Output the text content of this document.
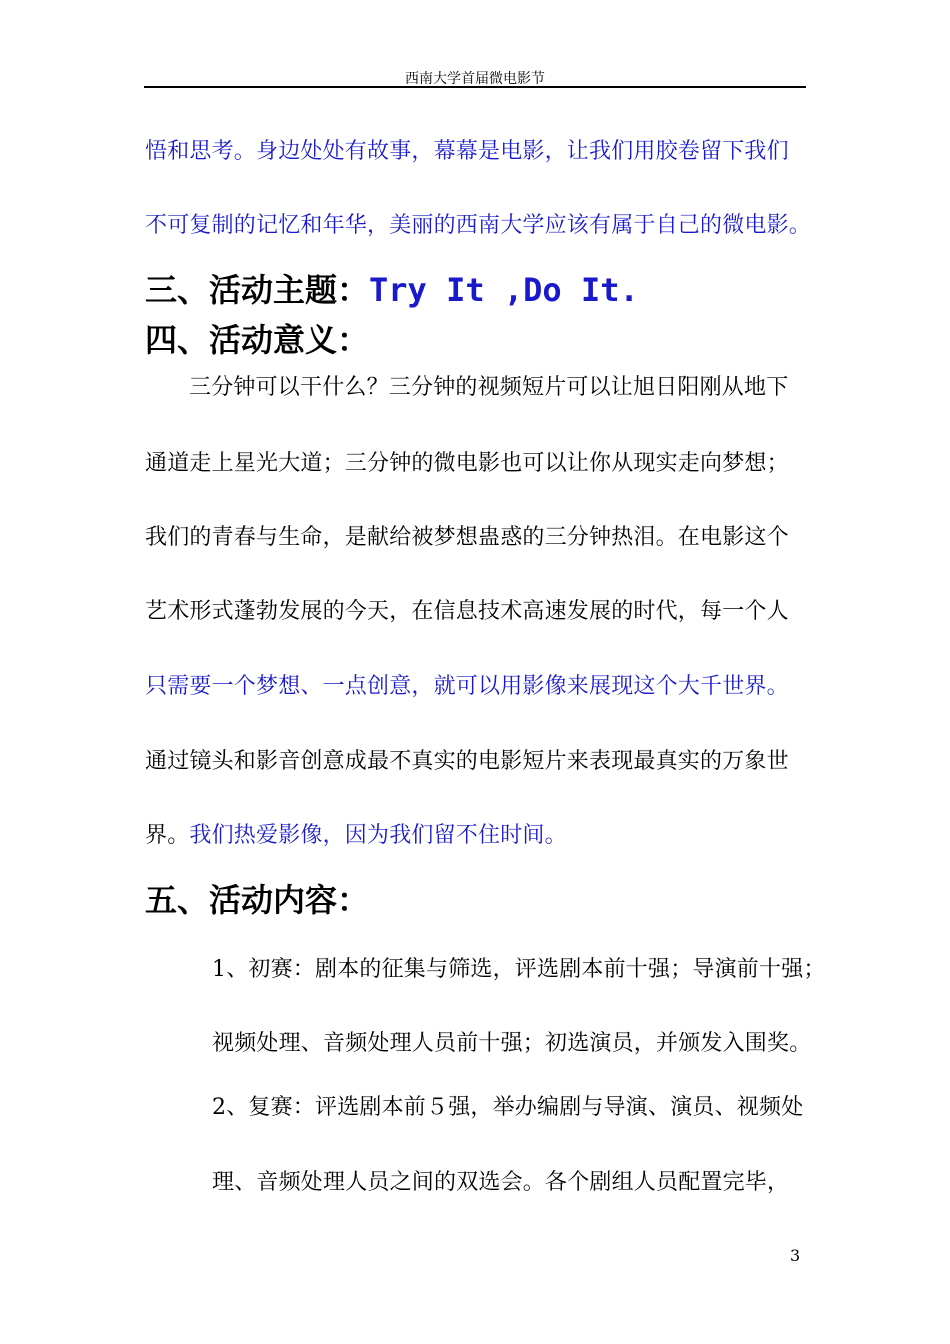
西南大学首届微电影节
悟和思考。身边处处有故事，幕幕是电影，让我们用胶卷留下我们
不可复制的记忆和年华，美丽的西南大学应该有属于自己的微电影。
三、活动主题：Try It ,Do It.
四、活动意义：
三分钟可以干什么？三分钟的视频短片可以让旭日阳刚从地下
通道走上星光大道；三分钟的微电影也可以让你从现实走向梦想；
我们的青春与生命，是献给被梦想蛊惑的三分钟热泪。在电影这个
艺术形式蓬勃发展的今天，在信息技术高速发展的时代，每一个人
只需要一个梦想、一点创意，就可以用影像来展现这个大千世界。
通过镜头和影音创意成最不真实的电影短片来表现最真实的万象世
界。我们热爱影像，因为我们留不住时间。
五、活动内容：
1、初赛：剧本的征集与筛选，评选剧本前十强；导演前十强；
视频处理、音频处理人员前十强；初选演员，并颁发入围奖。
2、复赛：评选剧本前５强，举办编剧与导演、演员、视频处
理、音频处理人员之间的双选会。各个剧组人员配置完毕，
3
